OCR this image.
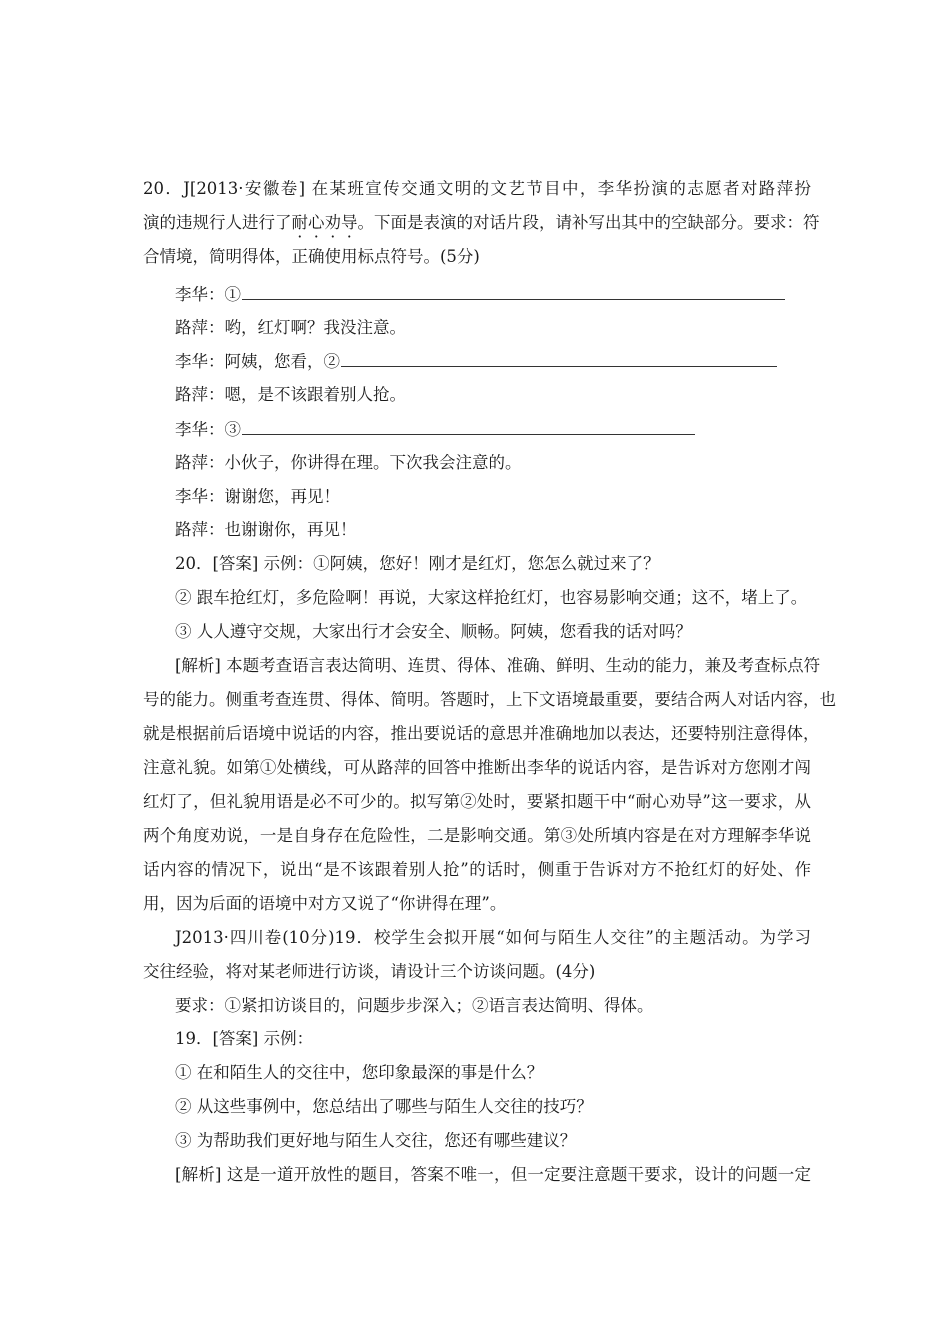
20．J[2013·安徽卷] 在某班宣传交通文明的文艺节目中，李华扮演的志愿者对路萍扮
演的违规行人进行了耐心劝导。下面是表演的对话片段，请补写出其中的空缺部分。要求：符
合情境，简明得体，正确使用标点符号。(5分)
李华：①
路萍：哟，红灯啊？我没注意。
李华：阿姨，您看，②
路萍：嗯，是不该跟着别人抢。
李华：③
路萍：小伙子，你讲得在理。下次我会注意的。
李华：谢谢您，再见！
路萍：也谢谢你，再见！
20．[答案] 示例：①阿姨，您好！刚才是红灯，您怎么就过来了？
② 跟车抢红灯，多危险啊！再说，大家这样抢红灯，也容易影响交通；这不，堵上了。
③ 人人遵守交规，大家出行才会安全、顺畅。阿姨，您看我的话对吗？
[解析] 本题考查语言表达简明、连贯、得体、准确、鲜明、生动的能力，兼及考查标点符
号的能力。侧重考查连贯、得体、简明。答题时，上下文语境最重要，要结合两人对话内容，也
就是根据前后语境中说话的内容，推出要说话的意思并准确地加以表达，还要特别注意得体，
注意礼貌。如第①处横线，可从路萍的回答中推断出李华的说话内容，是告诉对方您刚才闯
红灯了，但礼貌用语是必不可少的。拟写第②处时，要紧扣题干中“耐心劝导”这一要求，从
两个角度劝说，一是自身存在危险性，二是影响交通。第③处所填内容是在对方理解李华说
话内容的情况下，说出“是不该跟着别人抢”的话时，侧重于告诉对方不抢红灯的好处、作
用，因为后面的语境中对方又说了“你讲得在理”。
J2013·四川卷(10分)19．校学生会拟开展“如何与陌生人交往”的主题活动。为学习
交往经验，将对某老师进行访谈，请设计三个访谈问题。(4分)
要求：①紧扣访谈目的，问题步步深入；②语言表达简明、得体。
19．[答案] 示例：
① 在和陌生人的交往中，您印象最深的事是什么？
② 从这些事例中，您总结出了哪些与陌生人交往的技巧？
③ 为帮助我们更好地与陌生人交往，您还有哪些建议？
[解析] 这是一道开放性的题目，答案不唯一，但一定要注意题干要求，设计的问题一定
